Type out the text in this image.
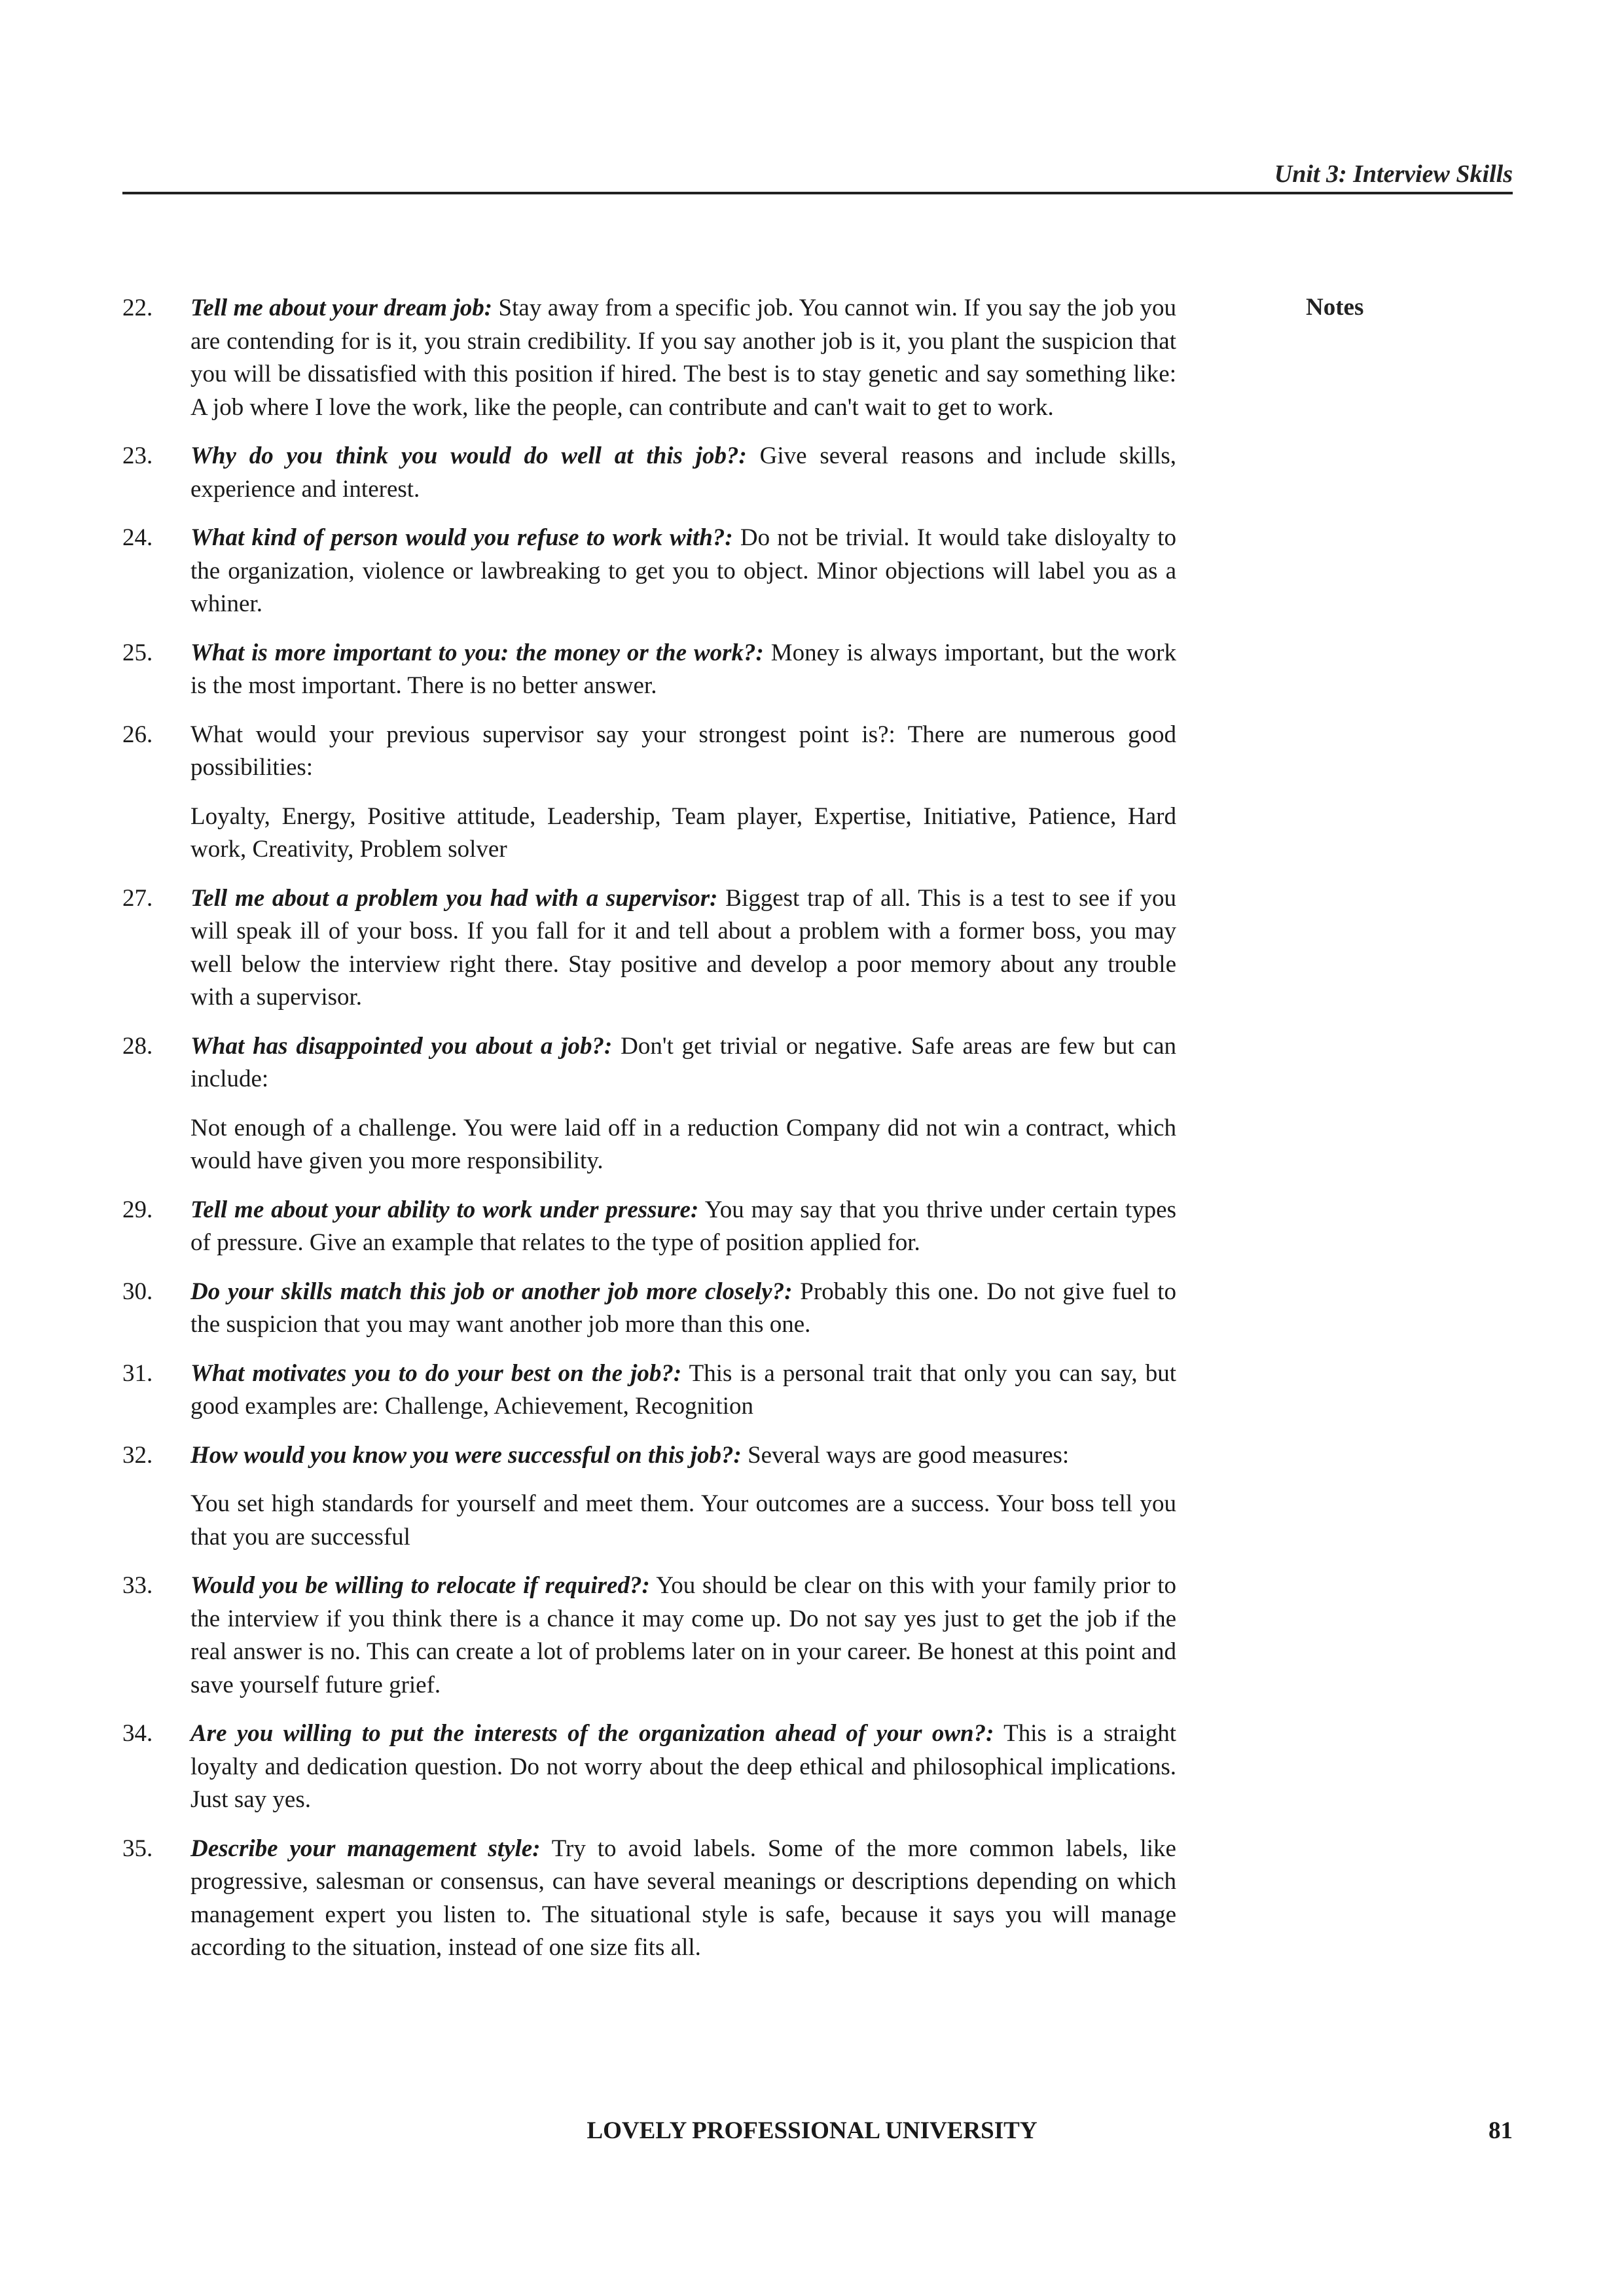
Unit 3: Interview Skills
Notes
22.	Tell me about your dream job: Stay away from a specific job. You cannot win. If you say the job you are contending for is it, you strain credibility. If you say another job is it, you plant the suspicion that you will be dissatisfied with this position if hired. The best is to stay genetic and say something like: A job where I love the work, like the people, can contribute and can't wait to get to work.
23.	Why do you think you would do well at this job?: Give several reasons and include skills, experience and interest.
24.	What kind of person would you refuse to work with?: Do not be trivial. It would take disloyalty to the organization, violence or lawbreaking to get you to object. Minor objections will label you as a whiner.
25.	What is more important to you: the money or the work?: Money is always important, but the work is the most important. There is no better answer.
26.	What would your previous supervisor say your strongest point is?: There are numerous good possibilities:
Loyalty, Energy, Positive attitude, Leadership, Team player, Expertise, Initiative, Patience, Hard work, Creativity, Problem solver
27.	Tell me about a problem you had with a supervisor: Biggest trap of all. This is a test to see if you will speak ill of your boss. If you fall for it and tell about a problem with a former boss, you may well below the interview right there. Stay positive and develop a poor memory about any trouble with a supervisor.
28.	What has disappointed you about a job?: Don't get trivial or negative. Safe areas are few but can include:
Not enough of a challenge. You were laid off in a reduction Company did not win a contract, which would have given you more responsibility.
29.	Tell me about your ability to work under pressure: You may say that you thrive under certain types of pressure. Give an example that relates to the type of position applied for.
30.	Do your skills match this job or another job more closely?: Probably this one. Do not give fuel to the suspicion that you may want another job more than this one.
31.	What motivates you to do your best on the job?: This is a personal trait that only you can say, but good examples are: Challenge, Achievement, Recognition
32.	How would you know you were successful on this job?: Several ways are good measures:
You set high standards for yourself and meet them. Your outcomes are a success. Your boss tell you that you are successful
33.	Would you be willing to relocate if required?: You should be clear on this with your family prior to the interview if you think there is a chance it may come up. Do not say yes just to get the job if the real answer is no. This can create a lot of problems later on in your career. Be honest at this point and save yourself future grief.
34.	Are you willing to put the interests of the organization ahead of your own?: This is a straight loyalty and dedication question. Do not worry about the deep ethical and philosophical implications. Just say yes.
35.	Describe your management style: Try to avoid labels. Some of the more common labels, like progressive, salesman or consensus, can have several meanings or descriptions depending on which management expert you listen to. The situational style is safe, because it says you will manage according to the situation, instead of one size fits all.
LOVELY PROFESSIONAL UNIVERSITY	81
